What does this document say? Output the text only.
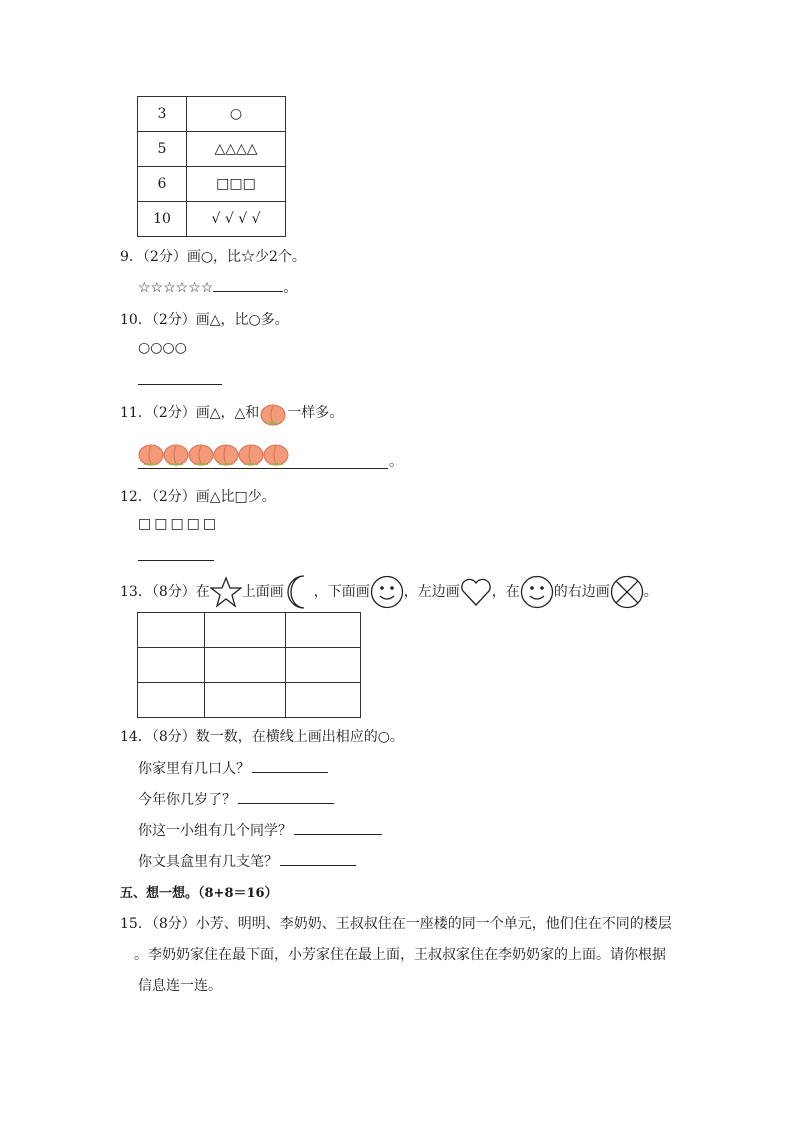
3	○
5	△△△△
6	□□□
10	√ √ √ √
9．（2分）画○，比☆少2个。
☆☆☆☆☆☆	。
10．（2分）画△，比○多。
○○○○
11．（2分）画△，△和 一样多。
。
12．（2分）画△比□少。
□□□□□
13．（8分）在 上面画 ，下面画 ，左边画 ，在 的右边画 。

14．（8分）数一数，在横线上画出相应的○。
你家里有几口人？
今年你几岁了？
你这一小组有几个同学？
你文具盒里有几支笔？
五、想一想。（8+8＝16）
15．（8分）小芳、明明、李奶奶、王叔叔住在一座楼的同一个单元，他们住在不同的楼层
。李奶奶家住在最下面，小芳家住在最上面，王叔叔家住在李奶奶家的上面。请你根据
信息连一连。
